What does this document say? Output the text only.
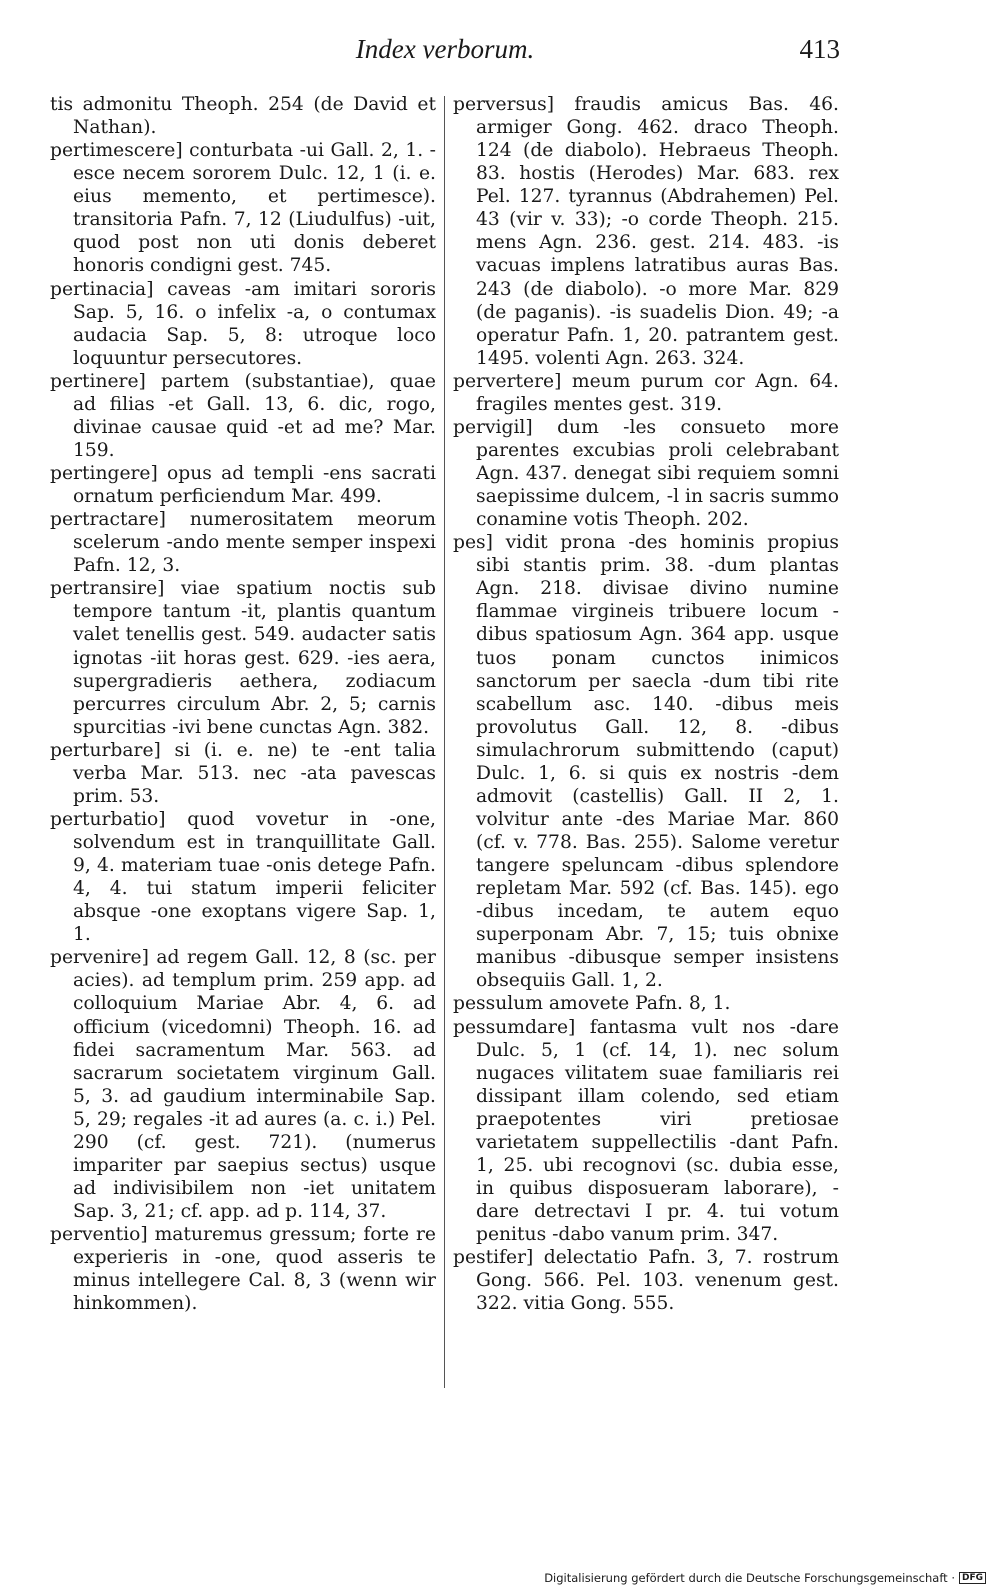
Index verborum.	413

tis admonitu Theoph. 254 (de David et Nathan).

pertimescere] conturbata -ui Gall. 2, 1. -esce necem sororem Dulc. 12, 1 (i. e. eius memento, et pertimesce). transitoria Pafn. 7, 12 (Liudulfus) -uit, quod post non uti donis deberet honoris condigni gest. 745.

pertinacia] caveas -am imitari sororis Sap. 5, 16. o infelix -a, o contumax audacia Sap. 5, 8: utroque loco loquuntur persecutores.

pertinere] partem (substantiae), quae ad filias -et Gall. 13, 6. dic, rogo, divinae causae quid -et ad me? Mar. 159.

pertingere] opus ad templi -ens sacrati ornatum perficiendum Mar. 499.

pertractare] numerositatem meorum scelerum -ando mente semper inspexi Pafn. 12, 3.

pertransire] viae spatium noctis sub tempore tantum -it, plantis quantum valet tenellis gest. 549. audacter satis ignotas -iit horas gest. 629. -ies aera, supergradieris aethera, zodiacum percurres circulum Abr. 2, 5; carnis spurcitias -ivi bene cunctas Agn. 382.

perturbare] si (i. e. ne) te -ent talia verba Mar. 513. nec -ata pavescas prim. 53.

perturbatio] quod vovetur in -one, solvendum est in tranquillitate Gall. 9, 4. materiam tuae -onis detege Pafn. 4, 4. tui statum imperii feliciter absque -one exoptans vigere Sap. 1, 1.

pervenire] ad regem Gall. 12, 8 (sc. per acies). ad templum prim. 259 app. ad colloquium Mariae Abr. 4, 6. ad officium (vicedomni) Theoph. 16. ad fidei sacramentum Mar. 563. ad sacrarum societatem virginum Gall. 5, 3. ad gaudium interminabile Sap. 5, 29; regales -it ad aures (a. c. i.) Pel. 290 (cf. gest. 721). (numerus impariter par saepius sectus) usque ad indivisibilem non -iet unitatem Sap. 3, 21; cf. app. ad p. 114, 37.

perventio] maturemus gressum; forte re experieris in -one, quod asseris te minus intellegere Cal. 8, 3 (wenn wir hinkommen).

perversus] fraudis amicus Bas. 46. armiger Gong. 462. draco Theoph. 124 (de diabolo). Hebraeus Theoph. 83. hostis (Herodes) Mar. 683. rex Pel. 127. tyrannus (Abdrahemen) Pel. 43 (vir v. 33); -o corde Theoph. 215. mens Agn. 236. gest. 214. 483. -is vacuas implens latratibus auras Bas. 243 (de diabolo). -o more Mar. 829 (de paganis). -is suadelis Dion. 49; -a operatur Pafn. 1, 20. patrantem gest. 1495. volenti Agn. 263. 324.

pervertere] meum purum cor Agn. 64. fragiles mentes gest. 319.

pervigil] dum -les consueto more parentes excubias proli celebrabant Agn. 437. denegat sibi requiem somni saepissime dulcem, -l in sacris summo conamine votis Theoph. 202.

pes] vidit prona -des hominis propius sibi stantis prim. 38. -dum plantas Agn. 218. divisae divino numine flammae virgineis tribuere locum -dibus spatiosum Agn. 364 app. usque tuos ponam cunctos inimicos sanctorum per saecla -dum tibi rite scabellum asc. 140. -dibus meis provolutus Gall. 12, 8. -dibus simulachrorum submittendo (caput) Dulc. 1, 6. si quis ex nostris -dem admovit (castellis) Gall. II 2, 1. volvitur ante -des Mariae Mar. 860 (cf. v. 778. Bas. 255). Salome veretur tangere speluncam -dibus splendore repletam Mar. 592 (cf. Bas. 145). ego -dibus incedam, te autem equo superponam Abr. 7, 15; tuis obnixe manibus -dibusque semper insistens obsequiis Gall. 1, 2.

pessulum amovete Pafn. 8, 1.

pessumdare] fantasma vult nos -dare Dulc. 5, 1 (cf. 14, 1). nec solum nugaces vilitatem suae familiaris rei dissipant illam colendo, sed etiam praepotentes viri pretiosae varietatem suppellectilis -dant Pafn. 1, 25. ubi recognovi (sc. dubia esse, in quibus disposueram laborare), -dare detrectavi I pr. 4. tui votum penitus -dabo vanum prim. 347.

pestifer] delectatio Pafn. 3, 7. rostrum Gong. 566. Pel. 103. venenum gest. 322. vitia Gong. 555.

Digitalisierung gefördert durch die Deutsche Forschungsgemeinschaft · DFG
